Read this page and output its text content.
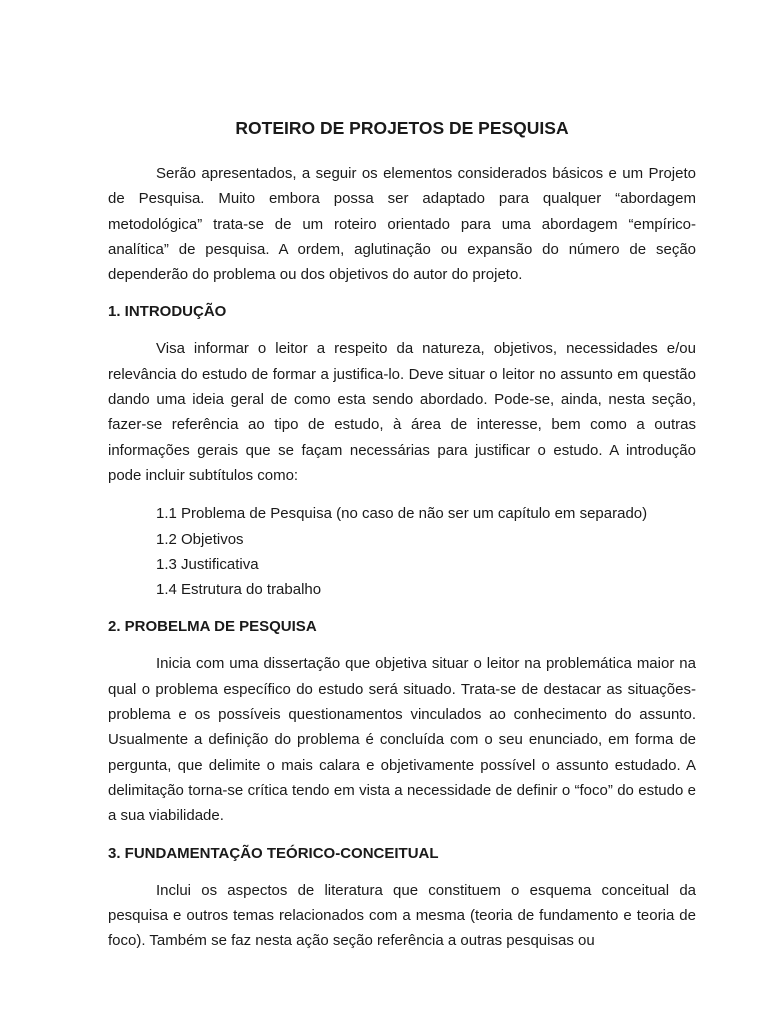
ROTEIRO DE PROJETOS DE PESQUISA

Serão apresentados, a seguir os elementos considerados básicos e um Projeto de Pesquisa. Muito embora possa ser adaptado para qualquer “abordagem metodológica” trata-se de um roteiro orientado para uma abordagem “empírico-analítica” de pesquisa. A ordem, aglutinação ou expansão do número de seção dependerão do problema ou dos objetivos do autor do projeto.

1. INTRODUÇÃO

Visa informar o leitor a respeito da natureza, objetivos, necessidades e/ou relevância do estudo de formar a justifica-lo. Deve situar o leitor no assunto em questão dando uma ideia geral de como esta sendo abordado. Pode-se, ainda, nesta seção, fazer-se referência ao tipo de estudo, à área de interesse, bem como a outras informações gerais que se façam necessárias para justificar o estudo. A introdução pode incluir subtítulos como:

1.1 Problema de Pesquisa (no caso de não ser um capítulo em separado)
1.2 Objetivos
1.3 Justificativa
1.4 Estrutura do trabalho
2. PROBELMA DE PESQUISA

Inicia com uma dissertação que objetiva situar o leitor na problemática maior na qual o problema específico do estudo será situado. Trata-se de destacar as situações-problema e os possíveis questionamentos vinculados ao conhecimento do assunto. Usualmente a definição do problema é concluída com o seu enunciado, em forma de pergunta, que delimite o mais calara e objetivamente possível o assunto estudado. A delimitação torna-se crítica tendo em vista a necessidade de definir o “foco” do estudo e a sua viabilidade.

3. FUNDAMENTAÇÃO TEÓRICO-CONCEITUAL

Inclui os aspectos de literatura que constituem o esquema conceitual da pesquisa e outros temas relacionados com a mesma (teoria de fundamento e teoria de foco). Também se faz nesta ação seção referência a outras pesquisas ou
